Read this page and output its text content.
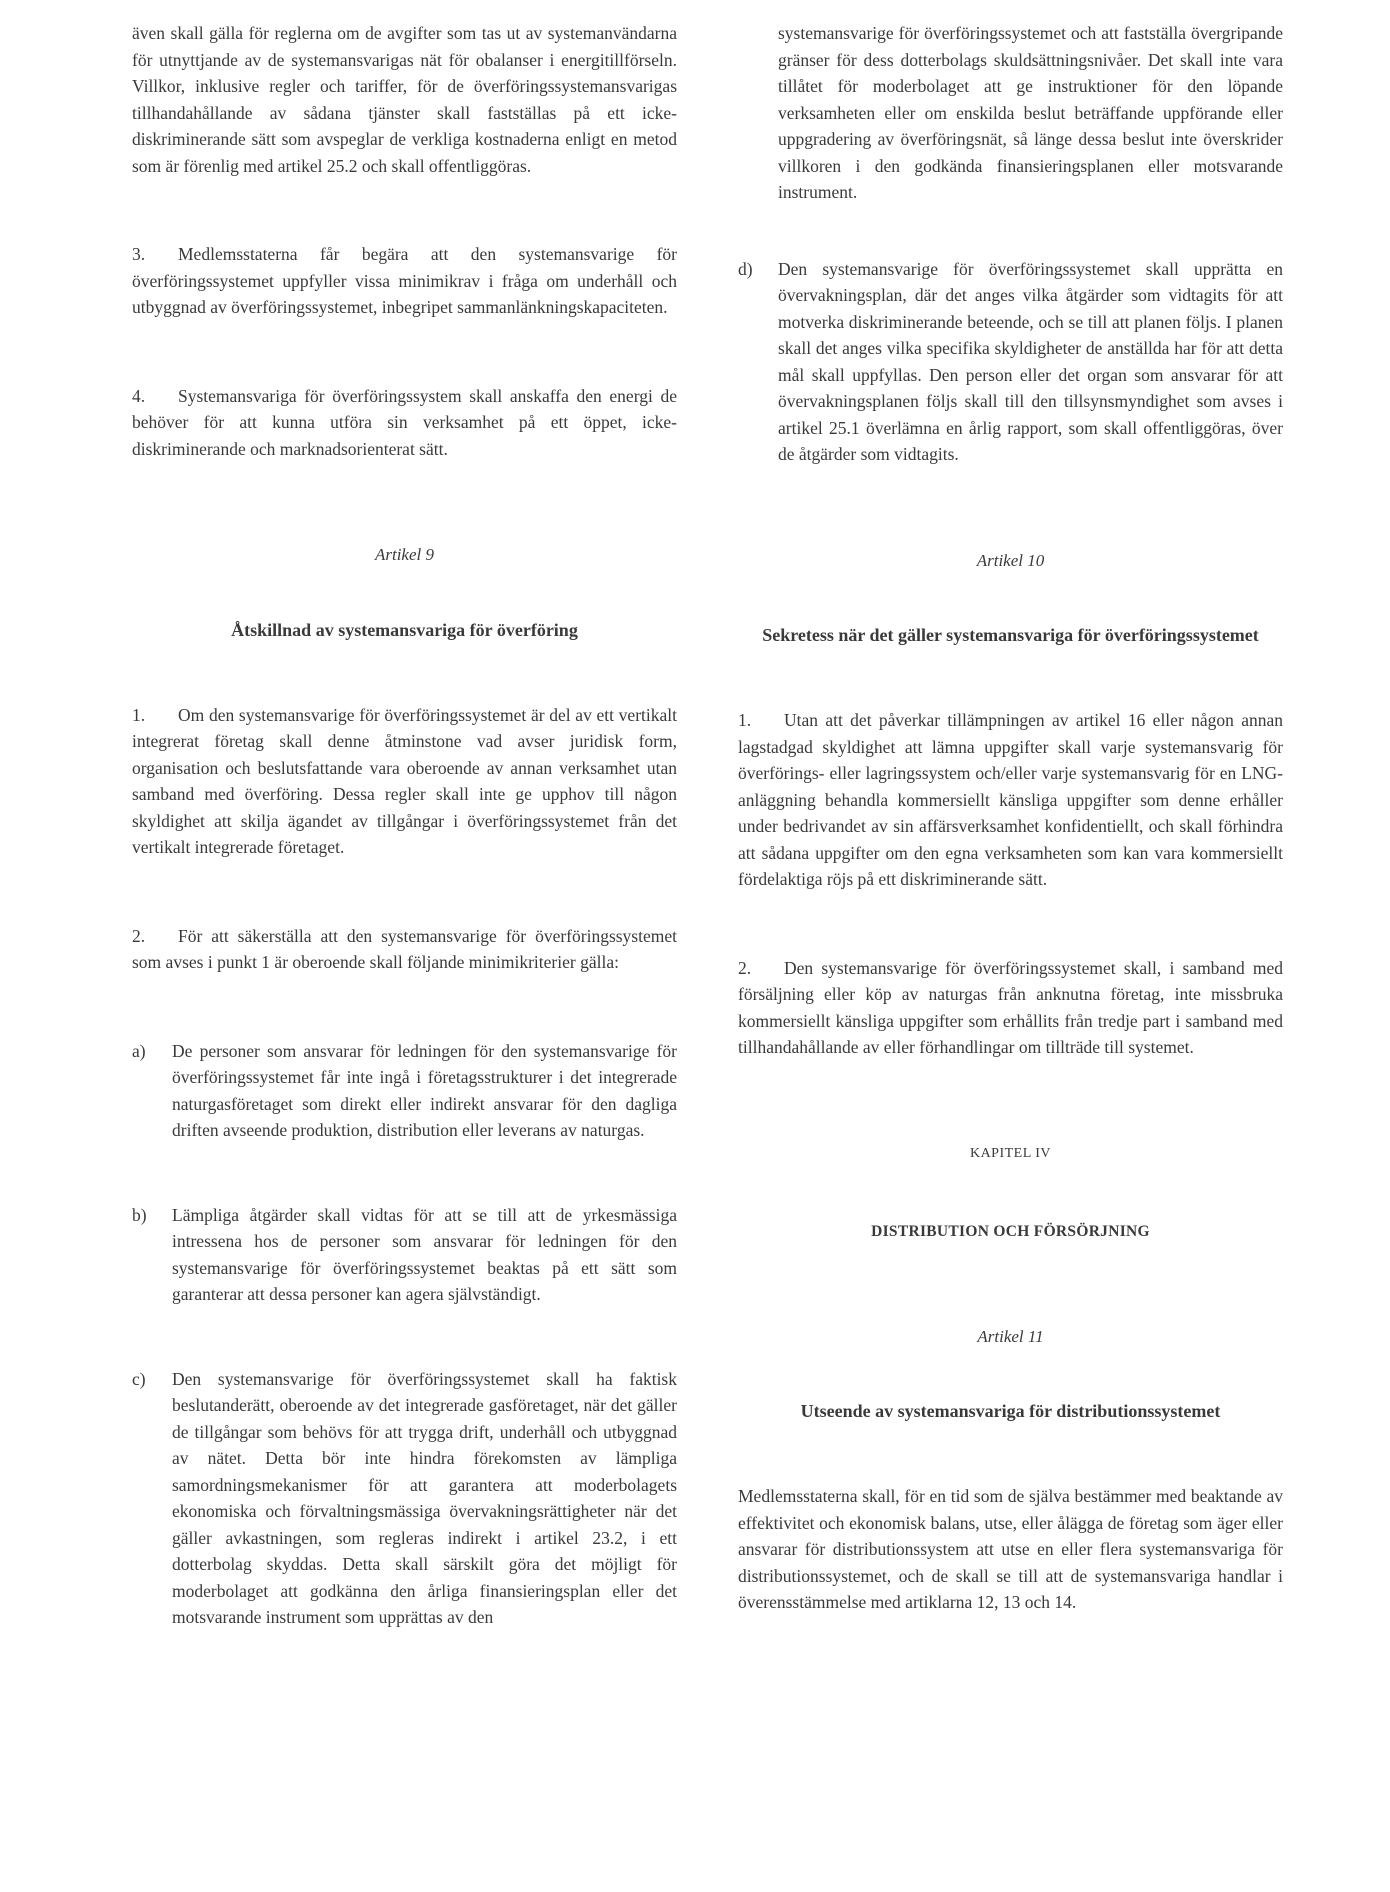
även skall gälla för reglerna om de avgifter som tas ut av systemanvändarna för utnyttjande av de systemansvarigas nät för obalanser i energitillförseln. Villkor, inklusive regler och tariffer, för de överföringssystemansvarigas tillhandahållande av sådana tjänster skall fastställas på ett icke-diskriminerande sätt som avspeglar de verkliga kostnaderna enligt en metod som är förenlig med artikel 25.2 och skall offentliggöras.

3. Medlemsstaterna får begära att den systemansvarige för överföringssystemet uppfyller vissa minimikrav i fråga om underhåll och utbyggnad av överföringssystemet, inbegripet sammanlänkningskapaciteten.

4. Systemansvariga för överföringssystem skall anskaffa den energi de behöver för att kunna utföra sin verksamhet på ett öppet, icke-diskriminerande och marknadsorienterat sätt.

Artikel 9
Åtskillnad av systemansvariga för överföring

1. Om den systemansvarige för överföringssystemet är del av ett vertikalt integrerat företag skall denne åtminstone vad avser juridisk form, organisation och beslutsfattande vara oberoende av annan verksamhet utan samband med överföring. Dessa regler skall inte ge upphov till någon skyldighet att skilja ägandet av tillgångar i överföringssystemet från det vertikalt integrerade företaget.

2. För att säkerställa att den systemansvarige för överföringssystemet som avses i punkt 1 är oberoende skall följande minimikriterier gälla:

a) De personer som ansvarar för ledningen för den systemansvarige för överföringssystemet får inte ingå i företagsstrukturer i det integrerade naturgasföretaget som direkt eller indirekt ansvarar för den dagliga driften avseende produktion, distribution eller leverans av naturgas.

b) Lämpliga åtgärder skall vidtas för att se till att de yrkesmässiga intressena hos de personer som ansvarar för ledningen för den systemansvarige för överföringssystemet beaktas på ett sätt som garanterar att dessa personer kan agera självständigt.

c) Den systemansvarige för överföringssystemet skall ha faktisk beslutanderätt, oberoende av det integrerade gasföretaget, när det gäller de tillgångar som behövs för att trygga drift, underhåll och utbyggnad av nätet. Detta bör inte hindra förekomsten av lämpliga samordningsmekanismer för att garantera att moderbolagets ekonomiska och förvaltningsmässiga övervakningsrättigheter när det gäller avkastningen, som regleras indirekt i artikel 23.2, i ett dotterbolag skyddas. Detta skall särskilt göra det möjligt för moderbolaget att godkänna den årliga finansieringsplan eller det motsvarande instrument som upprättas av den

systemansvarige för överföringssystemet och att fastställa övergripande gränser för dess dotterbolags skuldsättningsnivåer. Det skall inte vara tillåtet för moderbolaget att ge instruktioner för den löpande verksamheten eller om enskilda beslut beträffande uppförande eller uppgradering av överföringsnät, så länge dessa beslut inte överskrider villkoren i den godkända finansieringsplanen eller motsvarande instrument.

d) Den systemansvarige för överföringssystemet skall upprätta en övervakningsplan, där det anges vilka åtgärder som vidtagits för att motverka diskriminerande beteende, och se till att planen följs. I planen skall det anges vilka specifika skyldigheter de anställda har för att detta mål skall uppfyllas. Den person eller det organ som ansvarar för att övervakningsplanen följs skall till den tillsynsmyndighet som avses i artikel 25.1 överlämna en årlig rapport, som skall offentliggöras, över de åtgärder som vidtagits.

Artikel 10
Sekretess när det gäller systemansvariga för överföringssystemet

1. Utan att det påverkar tillämpningen av artikel 16 eller någon annan lagstadgad skyldighet att lämna uppgifter skall varje systemansvarig för överförings- eller lagringssystem och/eller varje systemansvarig för en LNG-anläggning behandla kommersiellt känsliga uppgifter som denne erhåller under bedrivandet av sin affärsverksamhet konfidentiellt, och skall förhindra att sådana uppgifter om den egna verksamheten som kan vara kommersiellt fördelaktiga röjs på ett diskriminerande sätt.

2. Den systemansvarige för överföringssystemet skall, i samband med försäljning eller köp av naturgas från anknutna företag, inte missbruka kommersiellt känsliga uppgifter som erhållits från tredje part i samband med tillhandahållande av eller förhandlingar om tillträde till systemet.

KAPITEL IV
DISTRIBUTION OCH FÖRSÖRJNING
Artikel 11
Utseende av systemansvariga för distributionssystemet

Medlemsstaterna skall, för en tid som de själva bestämmer med beaktande av effektivitet och ekonomisk balans, utse, eller ålägga de företag som äger eller ansvarar för distributionssystem att utse en eller flera systemansvariga för distributionssystemet, och de skall se till att de systemansvariga handlar i överensstämmelse med artiklarna 12, 13 och 14.
